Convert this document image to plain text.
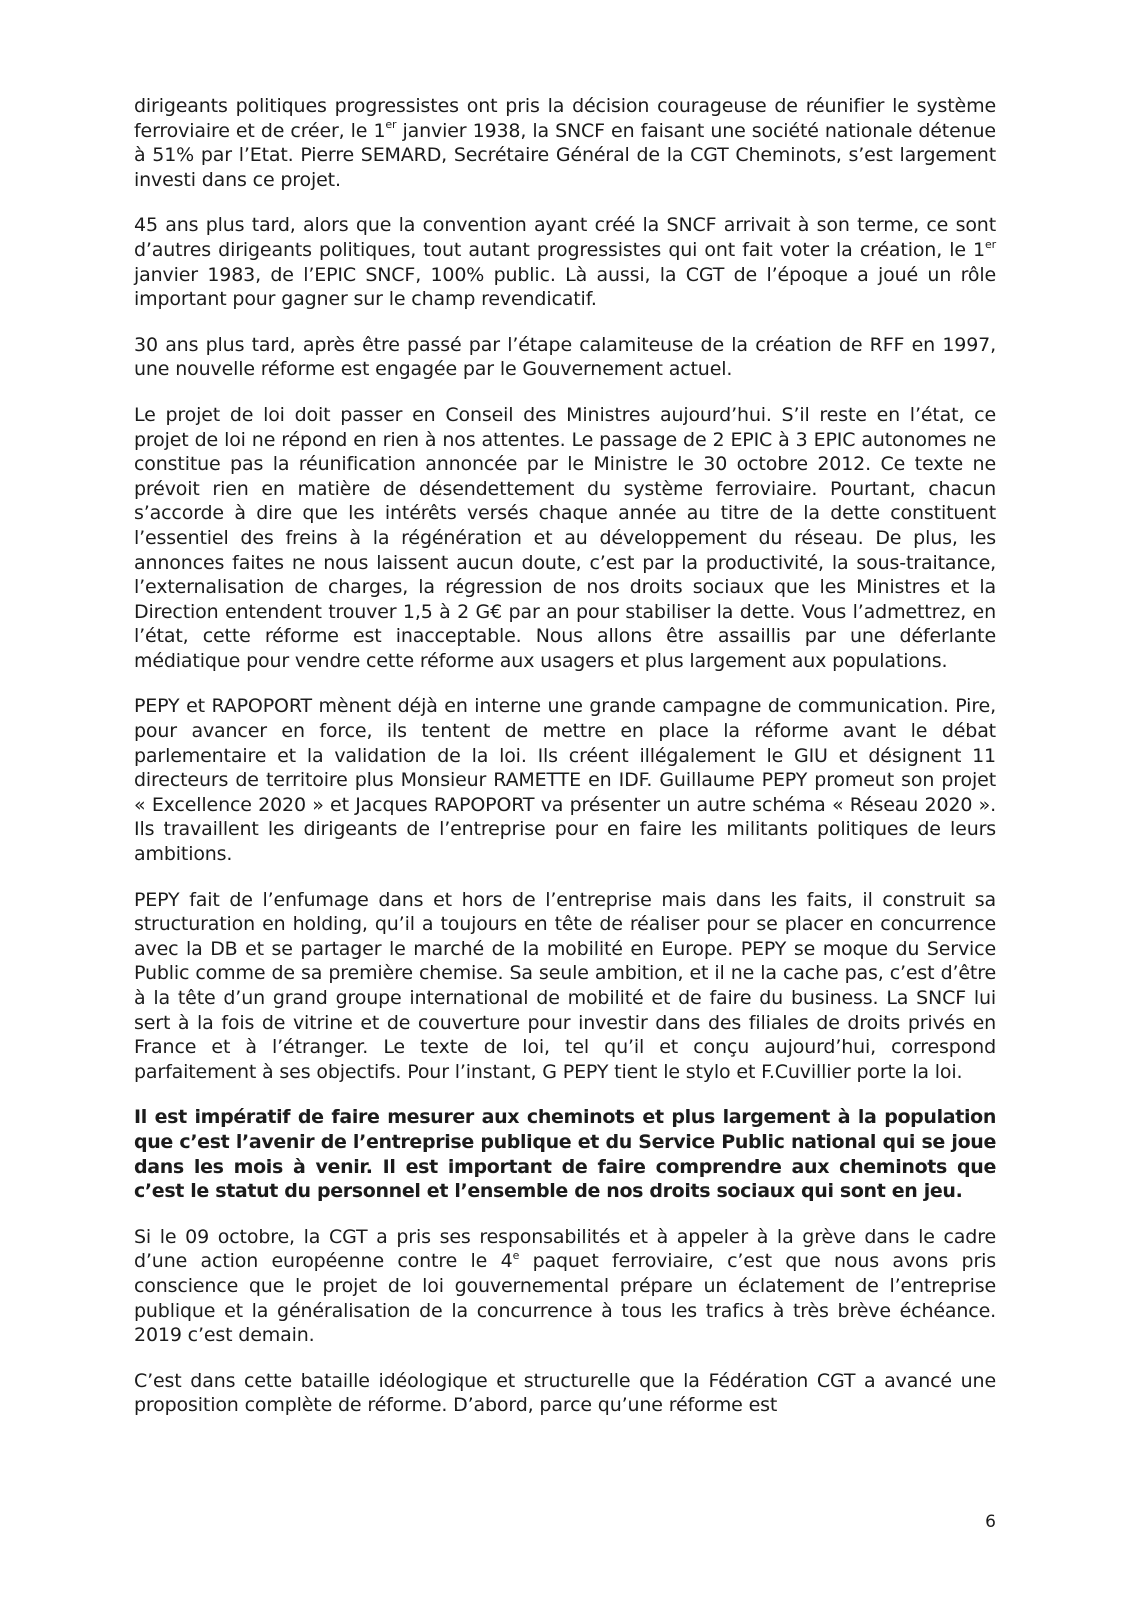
dirigeants politiques progressistes ont pris la décision courageuse de réunifier le système ferroviaire et de créer, le 1er janvier 1938, la SNCF en faisant une société nationale détenue à 51% par l’Etat. Pierre SEMARD, Secrétaire Général de la CGT Cheminots, s’est largement investi dans ce projet.

45 ans plus tard, alors que la convention ayant créé la SNCF arrivait à son terme, ce sont d’autres dirigeants politiques, tout autant progressistes qui ont fait voter la création, le 1er janvier 1983, de l’EPIC SNCF, 100% public. Là aussi, la CGT de l’époque a joué un rôle important pour gagner sur le champ revendicatif.

30 ans plus tard, après être passé par l’étape calamiteuse de la création de RFF en 1997, une nouvelle réforme est engagée par le Gouvernement actuel.

Le projet de loi doit passer en Conseil des Ministres aujourd’hui. S’il reste en l’état, ce projet de loi ne répond en rien à nos attentes. Le passage de 2 EPIC à 3 EPIC autonomes ne constitue pas la réunification annoncée par le Ministre le 30 octobre 2012. Ce texte ne prévoit rien en matière de désendettement du système ferroviaire. Pourtant, chacun s’accorde à dire que les intérêts versés chaque année au titre de la dette constituent l’essentiel des freins à la régénération et au développement du réseau. De plus, les annonces faites ne nous laissent aucun doute, c’est par la productivité, la sous-traitance, l’externalisation de charges, la régression de nos droits sociaux que les Ministres et la Direction entendent trouver 1,5 à 2 G€ par an pour stabiliser la dette. Vous l’admettrez, en l’état, cette réforme est inacceptable. Nous allons être assaillis par une déferlante médiatique pour vendre cette réforme aux usagers et plus largement aux populations.

PEPY et RAPOPORT mènent déjà en interne une grande campagne de communication. Pire, pour avancer en force, ils tentent de mettre en place la réforme avant le débat parlementaire et la validation de la loi. Ils créent illégalement le GIU et désignent 11 directeurs de territoire plus Monsieur RAMETTE en IDF. Guillaume PEPY promeut son projet « Excellence 2020 » et Jacques RAPOPORT va présenter un autre schéma « Réseau 2020 ». Ils travaillent les dirigeants de l’entreprise pour en faire les militants politiques de leurs ambitions.

PEPY fait de l’enfumage dans et hors de l’entreprise mais dans les faits, il construit sa structuration en holding, qu’il a toujours en tête de réaliser pour se placer en concurrence avec la DB et se partager le marché de la mobilité en Europe. PEPY se moque du Service Public comme de sa première chemise. Sa seule ambition, et il ne la cache pas, c’est d’être à la tête d’un grand groupe international de mobilité et de faire du business. La SNCF lui sert à la fois de vitrine et de couverture pour investir dans des filiales de droits privés en France et à l’étranger. Le texte de loi, tel qu’il et conçu aujourd’hui, correspond parfaitement à ses objectifs. Pour l’instant, G PEPY tient le stylo et F.Cuvillier porte la loi.

Il est impératif de faire mesurer aux cheminots et plus largement à la population que c’est l’avenir de l’entreprise publique et du Service Public national qui se joue dans les mois à venir. Il est important de faire comprendre aux cheminots que c’est le statut du personnel et l’ensemble de nos droits sociaux qui sont en jeu.

Si le 09 octobre, la CGT a pris ses responsabilités et à appeler à la grève dans le cadre d’une action européenne contre le 4e paquet ferroviaire, c’est que nous avons pris conscience que le projet de loi gouvernemental prépare un éclatement de l’entreprise publique et la généralisation de la concurrence à tous les trafics à très brève échéance. 2019 c’est demain.

C’est dans cette bataille idéologique et structurelle que la Fédération CGT a avancé une proposition complète de réforme. D’abord, parce qu’une réforme est

6
